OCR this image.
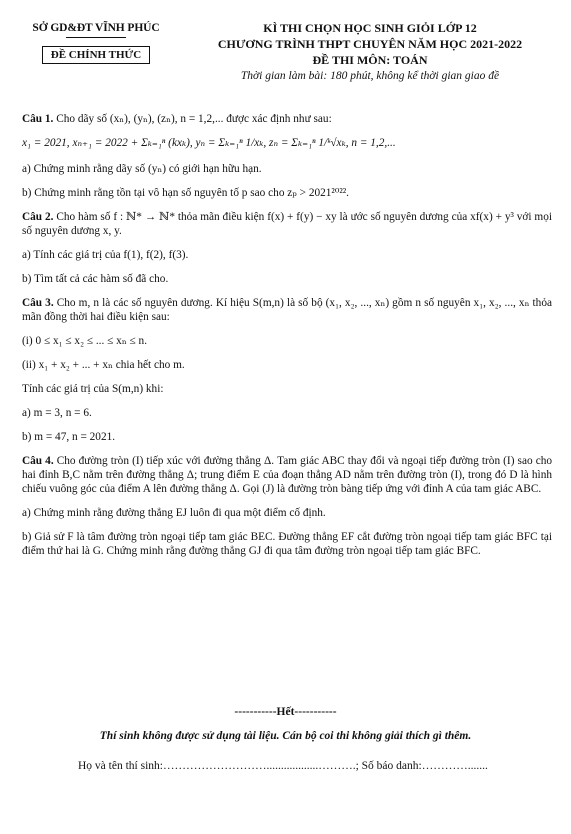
SỞ GD&ĐT VĨNH PHÚC
ĐỀ CHÍNH THỨC
KÌ THI CHỌN HỌC SINH GIỎI LỚP 12
CHƯƠNG TRÌNH THPT CHUYÊN NĂM HỌC 2021-2022
ĐỀ THI MÔN: TOÁN
Thời gian làm bài: 180 phút, không kể thời gian giao đề
Câu 1. Cho dãy số (xₙ), (yₙ), (zₙ), n = 1,2,... được xác định như sau:
x₁ = 2021, xₙ₊₁ = 2022 + Σₖ₌₁ⁿ (kxₖ), yₙ = Σₖ₌₁ⁿ 1/xₖ, zₙ = Σₖ₌₁ⁿ 1/ᵏ√xₖ, n = 1,2,...
a) Chứng minh rằng dãy số (yₙ) có giới hạn hữu hạn.
b) Chứng minh rằng tồn tại vô hạn số nguyên tố p sao cho zₚ > 2021²⁰²².
Câu 2. Cho hàm số f : ℕ* → ℕ* thỏa mãn điều kiện f(x) + f(y) − xy là ước số nguyên dương của xf(x) + y³ với mọi số nguyên dương x, y.
a) Tính các giá trị của f(1), f(2), f(3).
b) Tìm tất cả các hàm số đã cho.
Câu 3. Cho m, n là các số nguyên dương. Kí hiệu S(m,n) là số bộ (x₁, x₂, ..., xₙ) gồm n số nguyên x₁, x₂, ..., xₙ thỏa mãn đồng thời hai điều kiện sau:
(i) 0 ≤ x₁ ≤ x₂ ≤ ... ≤ xₙ ≤ n.
(ii) x₁ + x₂ + ... + xₙ chia hết cho m.
Tính các giá trị của S(m,n) khi:
a) m = 3, n = 6.
b) m = 47, n = 2021.
Câu 4. Cho đường tròn (I) tiếp xúc với đường thẳng Δ. Tam giác ABC thay đổi và ngoại tiếp đường tròn (I) sao cho hai đỉnh B,C nằm trên đường thẳng Δ; trung điểm E của đoạn thẳng AD nằm trên đường tròn (I), trong đó D là hình chiếu vuông góc của điểm A lên đường thẳng Δ. Gọi (J) là đường tròn bàng tiếp ứng với đỉnh A của tam giác ABC.
a) Chứng minh rằng đường thẳng EJ luôn đi qua một điểm cố định.
b) Giả sử F là tâm đường tròn ngoại tiếp tam giác BEC. Đường thẳng EF cắt đường tròn ngoại tiếp tam giác BFC tại điểm thứ hai là G. Chứng minh rằng đường thẳng GJ đi qua tâm đường tròn ngoại tiếp tam giác BFC.
-----------Hết-----------
Thí sinh không được sử dụng tài liệu. Cán bộ coi thi không giải thích gì thêm.
Họ và tên thí sinh:………………………..................……….; Số báo danh:………….......
